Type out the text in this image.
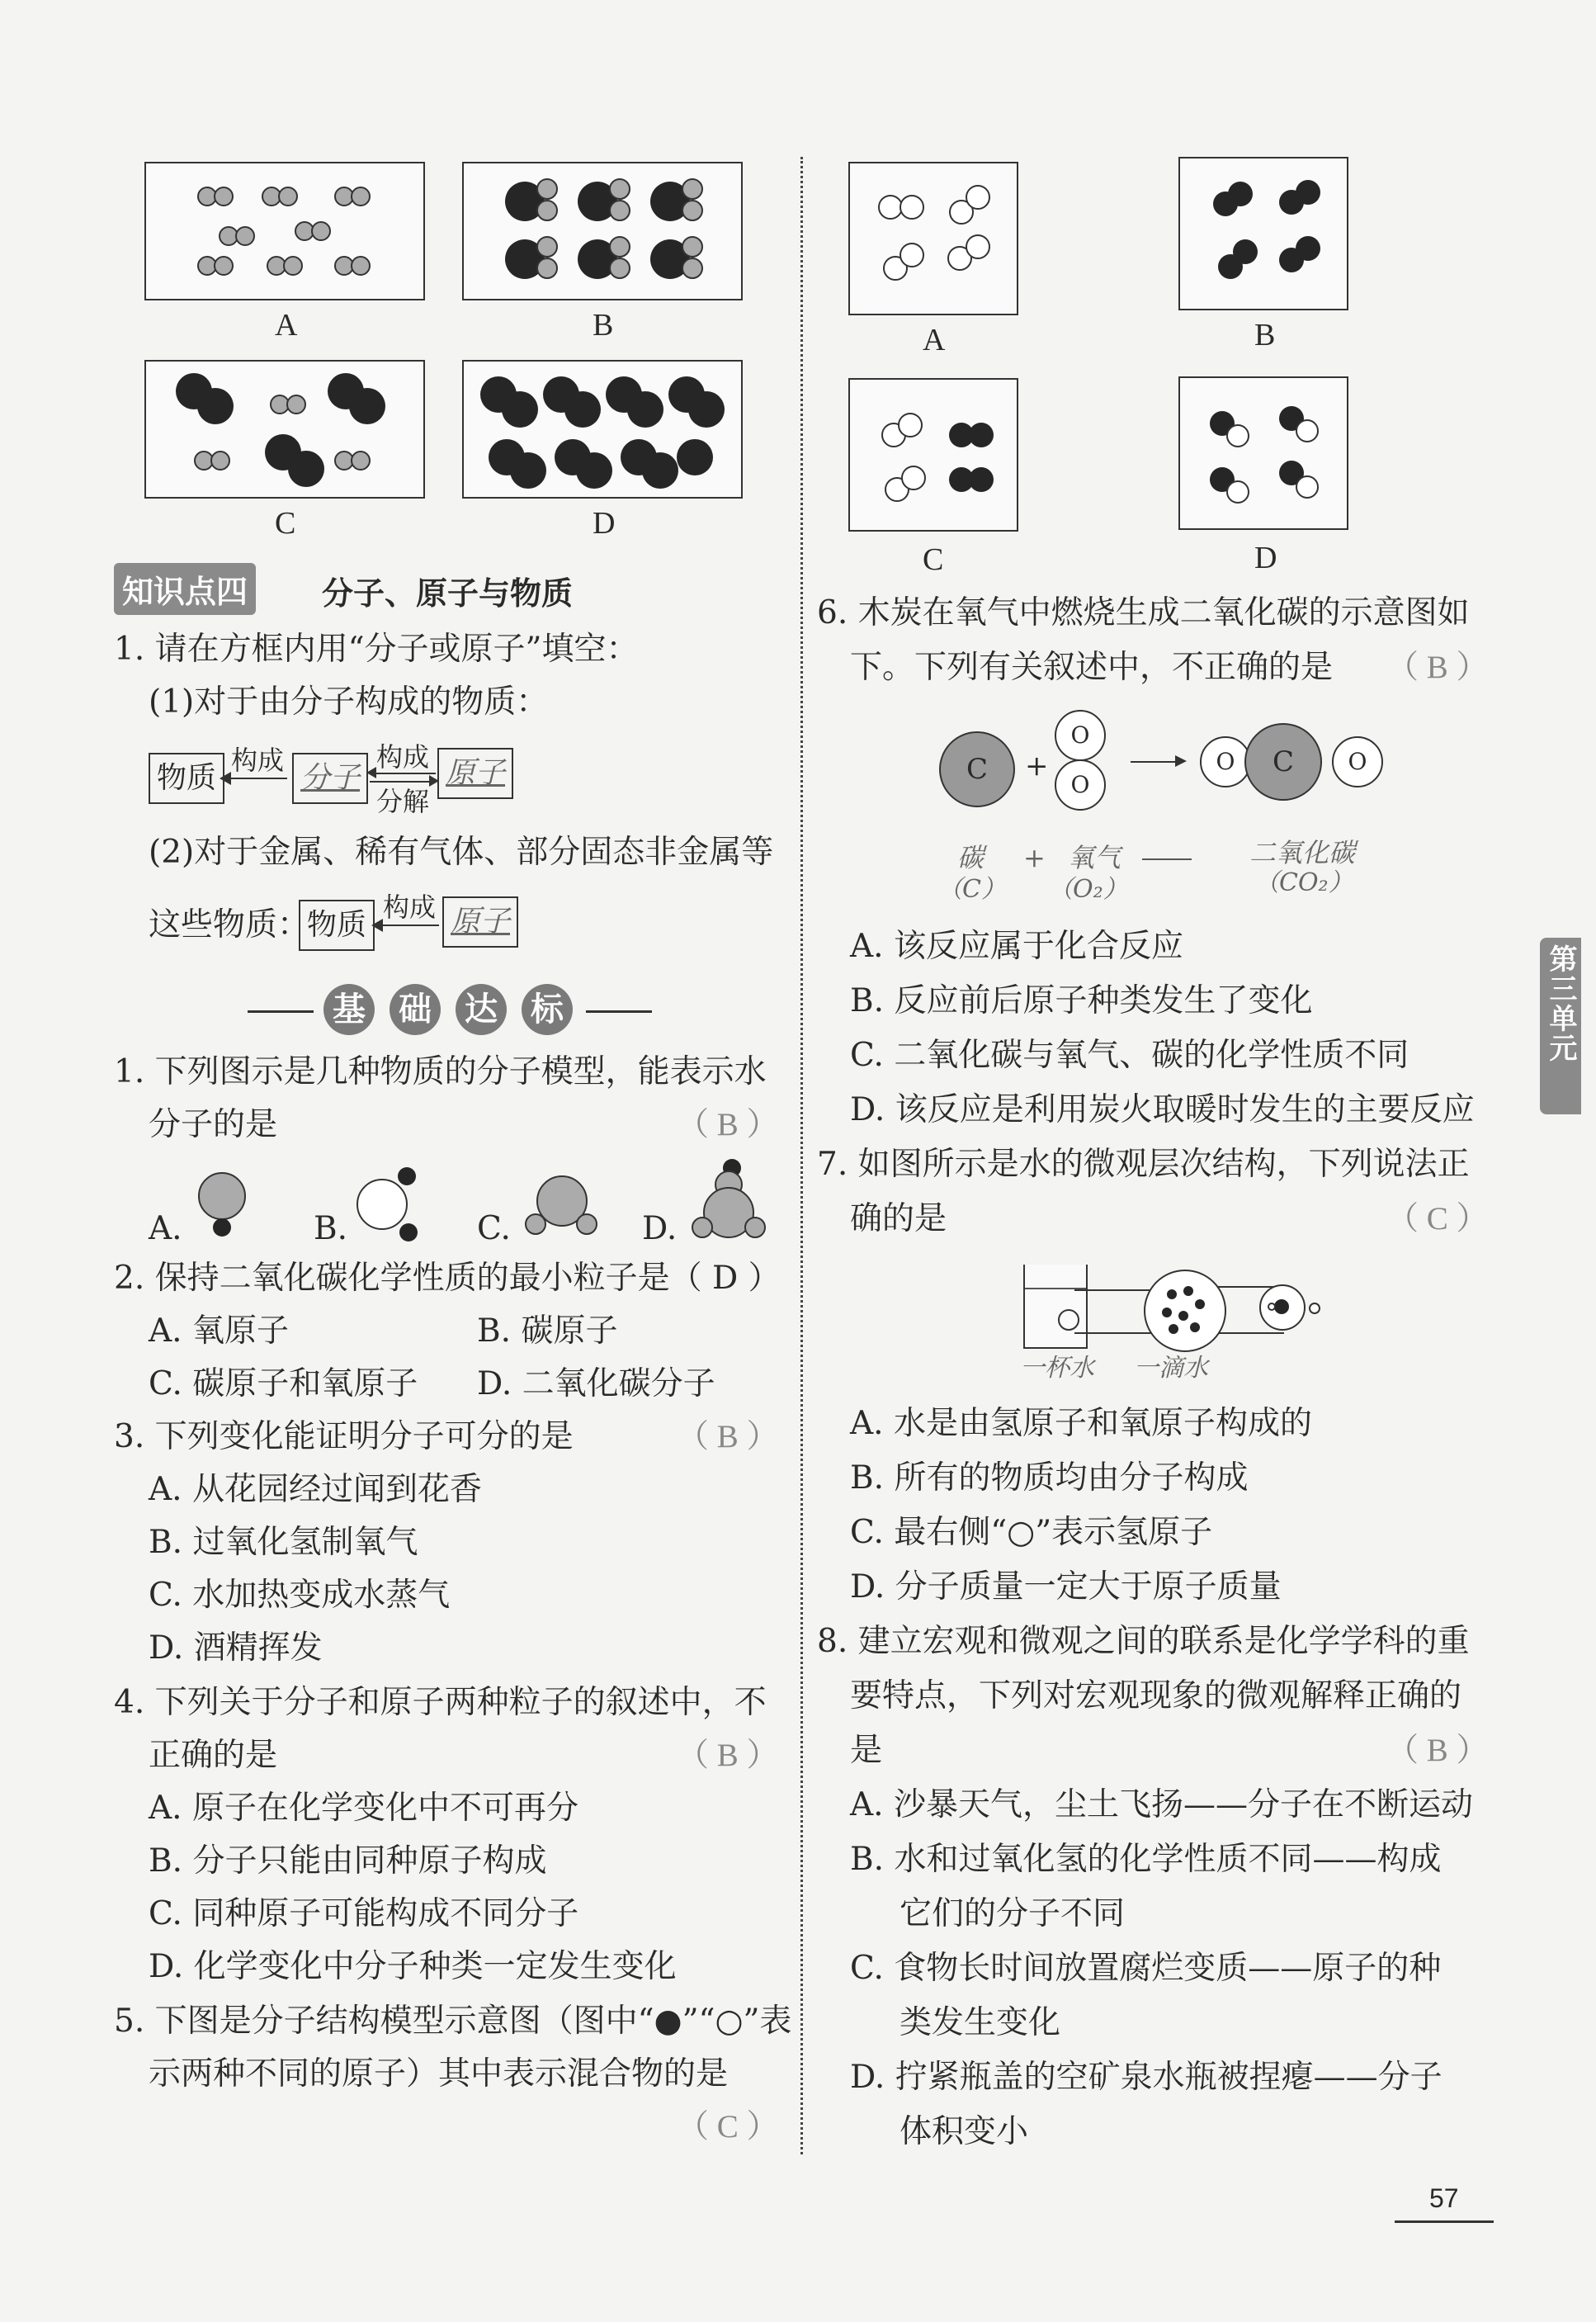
A	B
C	D
知识点四 分子、原子与物质
1. 请在方框内用“分子或原子”填空：
(1)对于由分子构成的物质：
物质
构成
分子
构成
分解
原子
(2)对于金属、稀有气体、部分固态非金属等
这些物质：
物质
构成 原子
基 础 达 标
1. 下列图示是几种物质的分子模型，能表示水
分子的是	（ B ）
A.	B.	C.	D.
2. 保持二氧化碳化学性质的最小粒子是（ D ）
A. 氧原子	B. 碳原子
C. 碳原子和氧原子 D. 二氧化碳分子
3. 下列变化能证明分子可分的是	（ B ）
A. 从花园经过闻到花香
B. 过氧化氢制氧气
C. 水加热变成水蒸气
D. 酒精挥发
4. 下列关于分子和原子两种粒子的叙述中，不
正确的是	（ B ）
A. 原子在化学变化中不可再分
B. 分子只能由同种原子构成
C. 同种原子可能构成不同分子
D. 化学变化中分子种类一定发生变化
5. 下图是分子结构模型示意图（图中“●”“○”表
示两种不同的原子）其中表示混合物的是
（ C ）
A	B
C	D
6. 木炭在氧气中燃烧生成二氧化碳的示意图如
下。下列有关叙述中，不正确的是 （ B ）
C	+
O
O
O	O
C
碳 + 氧气	二氧化碳
（C） （O₂）	（CO₂）
A. 该反应属于化合反应
B. 反应前后原子种类发生了变化
C. 二氧化碳与氧气、碳的化学性质不同
D. 该反应是利用炭火取暖时发生的主要反应
7. 如图所示是水的微观层次结构，下列说法正
确的是	（ C ）
一杯水 一滴水
A. 水是由氢原子和氧原子构成的
B. 所有的物质均由分子构成
C. 最右侧“○”表示氢原子
D. 分子质量一定大于原子质量
8. 建立宏观和微观之间的联系是化学学科的重
要特点，下列对宏观现象的微观解释正确的
是	（ B ）
A. 沙暴天气，尘土飞扬——分子在不断运动
B. 水和过氧化氢的化学性质不同——构成
它们的分子不同
C. 食物长时间放置腐烂变质——原子的种
类发生变化
D. 拧紧瓶盖的空矿泉水瓶被捏瘪——分子
体积变小
第三单元
57
